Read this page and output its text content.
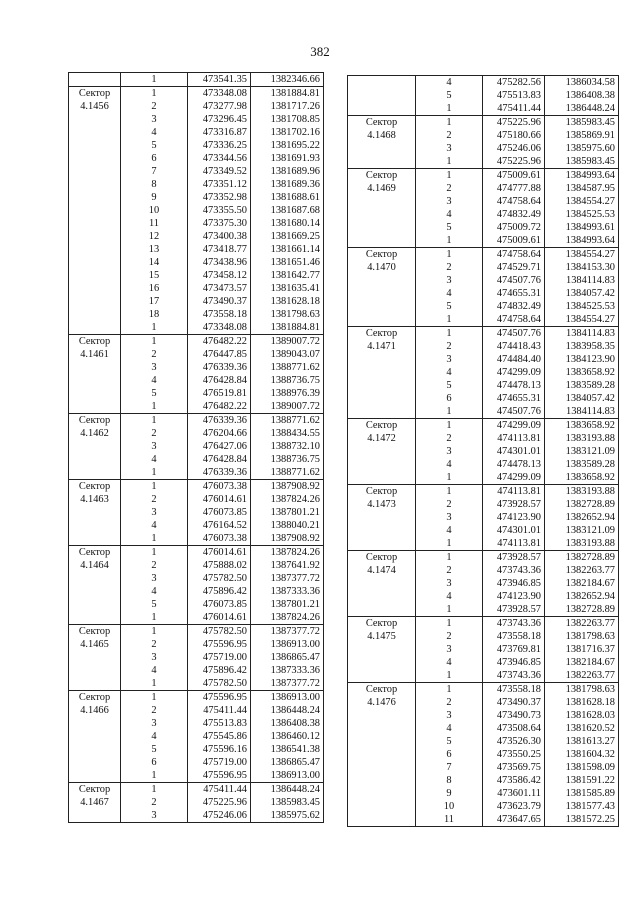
382
	1	473541.35	1382346.66

Сектор
4.1456	1	473348.08	1381884.81
	2	473277.98	1381717.26
	3	473296.45	1381708.85
	4	473316.87	1381702.16
	5	473336.25	1381695.22
	6	473344.56	1381691.93
	7	473349.52	1381689.96
	8	473351.12	1381689.36
	9	473352.98	1381688.61
	10	473355.50	1381687.68
	11	473375.30	1381680.14
	12	473400.38	1381669.25
	13	473418.77	1381661.14
	14	473438.96	1381651.46
	15	473458.12	1381642.77
	16	473473.57	1381635.41
	17	473490.37	1381628.18
	18	473558.18	1381798.63
	1	473348.08	1381884.81

Сектор
4.1461	1	476482.22	1389007.72
	2	476447.85	1389043.07
	3	476339.36	1388771.62
	4	476428.84	1388736.75
	5	476519.81	1388976.39
	1	476482.22	1389007.72

Сектор
4.1462	1	476339.36	1388771.62
	2	476204.66	1388434.55
	3	476427.06	1388732.10
	4	476428.84	1388736.75
	1	476339.36	1388771.62

Сектор
4.1463	1	476073.38	1387908.92
	2	476014.61	1387824.26
	3	476073.85	1387801.21
	4	476164.52	1388040.21
	1	476073.38	1387908.92

Сектор
4.1464	1	476014.61	1387824.26
	2	475888.02	1387641.92
	3	475782.50	1387377.72
	4	475896.42	1387333.36
	5	476073.85	1387801.21
	1	476014.61	1387824.26

Сектор
4.1465	1	475782.50	1387377.72
	2	475596.95	1386913.00
	3	475719.00	1386865.47
	4	475896.42	1387333.36
	1	475782.50	1387377.72

Сектор
4.1466	1	475596.95	1386913.00
	2	475411.44	1386448.24
	3	475513.83	1386408.38
	4	475545.86	1386460.12
	5	475596.16	1386541.38
	6	475719.00	1386865.47
	1	475596.95	1386913.00

Сектор
4.1467	1	475411.44	1386448.24
	2	475225.96	1385983.45
	3	475246.06	1385975.62
	4	475282.56	1386034.58
	5	475513.83	1386408.38
	1	475411.44	1386448.24

Сектор
4.1468	1	475225.96	1385983.45
	2	475180.66	1385869.91
	3	475246.06	1385975.60
	1	475225.96	1385983.45

Сектор
4.1469	1	475009.61	1384993.64
	2	474777.88	1384587.95
	3	474758.64	1384554.27
	4	474832.49	1384525.53
	5	475009.72	1384993.61
	1	475009.61	1384993.64

Сектор
4.1470	1	474758.64	1384554.27
	2	474529.71	1384153.30
	3	474507.76	1384114.83
	4	474655.31	1384057.42
	5	474832.49	1384525.53
	1	474758.64	1384554.27

Сектор
4.1471	1	474507.76	1384114.83
	2	474418.43	1383958.35
	3	474484.40	1384123.90
	4	474299.09	1383658.92
	5	474478.13	1383589.28
	6	474655.31	1384057.42
	1	474507.76	1384114.83

Сектор
4.1472	1	474299.09	1383658.92
	2	474113.81	1383193.88
	3	474301.01	1383121.09
	4	474478.13	1383589.28
	1	474299.09	1383658.92

Сектор
4.1473	1	474113.81	1383193.88
	2	473928.57	1382728.89
	3	474123.90	1382652.94
	4	474301.01	1383121.09
	1	474113.81	1383193.88

Сектор
4.1474	1	473928.57	1382728.89
	2	473743.36	1382263.77
	3	473946.85	1382184.67
	4	474123.90	1382652.94
	1	473928.57	1382728.89

Сектор
4.1475	1	473743.36	1382263.77
	2	473558.18	1381798.63
	3	473769.81	1381716.37
	4	473946.85	1382184.67
	1	473743.36	1382263.77

Сектор
4.1476	1	473558.18	1381798.63
	2	473490.37	1381628.18
	3	473490.73	1381628.03
	4	473508.64	1381620.52
	5	473526.30	1381613.27
	6	473550.25	1381604.32
	7	473569.75	1381598.09
	8	473586.42	1381591.22
	9	473601.11	1381585.89
	10	473623.79	1381577.43
	11	473647.65	1381572.25
